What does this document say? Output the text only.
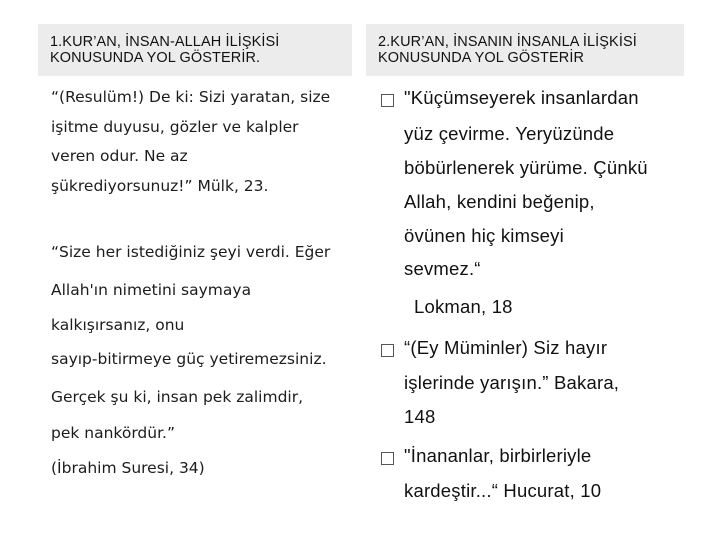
1.KUR’AN, İNSAN-ALLAH İLİŞKİSİ
KONUSUNDA YOL GÖSTERİR.
“(Resulüm!) De ki: Sizi yaratan, size
işitme duyusu, gözler ve kalpler
veren odur. Ne az
şükrediyorsunuz!” Mülk, 23.
“Size her istediğiniz şeyi verdi. Eğer
Allah'ın nimetini saymaya
kalkışırsanız, onu
sayıp-bitirmeye güç yetiremezsiniz.
Gerçek şu ki, insan pek zalimdir,
pek nankördür.”
(İbrahim Suresi, 34)
2.KUR’AN, İNSANIN İNSANLA İLİŞKİSİ
KONUSUNDA YOL GÖSTERİR
"Küçümseyerek insanlardan
yüz çevirme. Yeryüzünde
böbürlenerek yürüme. Çünkü
Allah, kendini beğenip,
övünen hiç kimseyi
sevmez.“
Lokman, 18
“(Ey Müminler) Siz hayır
işlerinde yarışın.” Bakara,
148
"İnananlar, birbirleriyle
kardeştir...“ Hucurat, 10
